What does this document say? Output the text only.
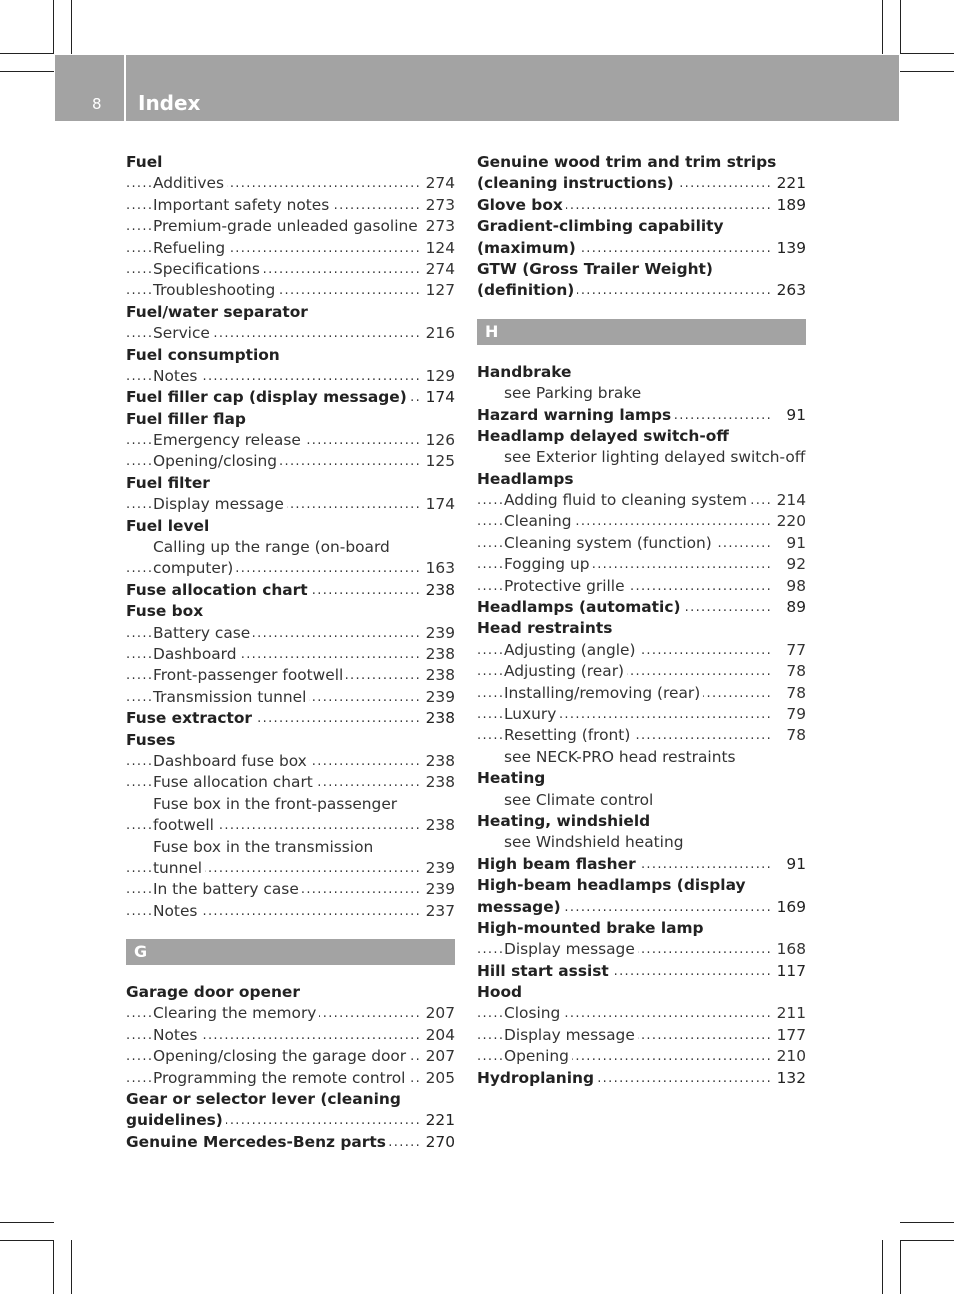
8 Index
Fuel
. . . Additives	274
. . . Important safety notes	273
. . . Premium-grade unleaded gasoline 273
. . . Refueling	124
. . . Specifications	274
. . . Troubleshooting	127
Fuel/water separator
. . . Service	216
Fuel consumption
. . . Notes	129
. . . Fuel filler cap (display message)	174
Fuel filler flap
. . . Emergency release	126
. . . Opening/closing	125
Fuel filter
. . . Display message	174
Fuel level
Calling up the range (on-board
. . . computer)	163
. . . Fuse allocation chart	238
Fuse box
. . . Battery case	239
. . . Dashboard	238
. . . Front-passenger footwell	238
. . . Transmission tunnel	239
. . . Fuse extractor	238
Fuses
. . . Dashboard fuse box	238
. . . Fuse allocation chart	238
Fuse box in the front-passenger
. . . footwell	238
Fuse box in the transmission
. . . tunnel	239
. . . In the battery case	239
. . . Notes	237
G
Garage door opener
. . . Clearing the memory	207
. . . Notes	204
. . . Opening/closing the garage door	207
. . . Programming the remote control	205
Gear or selector lever (cleaning
. . . guidelines)	221
. . . Genuine Mercedes-Benz parts	270
Genuine wood trim and trim strips
. . . (cleaning instructions)	221
. . . Glove box	189
Gradient-climbing capability
. . . (maximum)	139
GTW (Gross Trailer Weight)
. . . (definition)	263
H
Handbrake
see Parking brake
. . . Hazard warning lamps	91
Headlamp delayed switch-off
see Exterior lighting delayed switch-off
Headlamps
. . . Adding fluid to cleaning system	214
. . . Cleaning	220
. . . Cleaning system (function)	91
. . . Fogging up	92
. . . Protective grille	98
. . . Headlamps (automatic)	89
Head restraints
. . . Adjusting (angle)	77
. . . Adjusting (rear)	78
. . . Installing/removing (rear)	78
. . . Luxury	79
. . . Resetting (front)	78
see NECK-PRO head restraints
Heating
see Climate control
Heating, windshield
see Windshield heating
. . . High beam flasher	91
High-beam headlamps (display
. . . message)	169
High-mounted brake lamp
. . . Display message	168
. . . Hill start assist	117
Hood
. . . Closing	211
. . . Display message	177
. . . Opening	210
. . . Hydroplaning	132
